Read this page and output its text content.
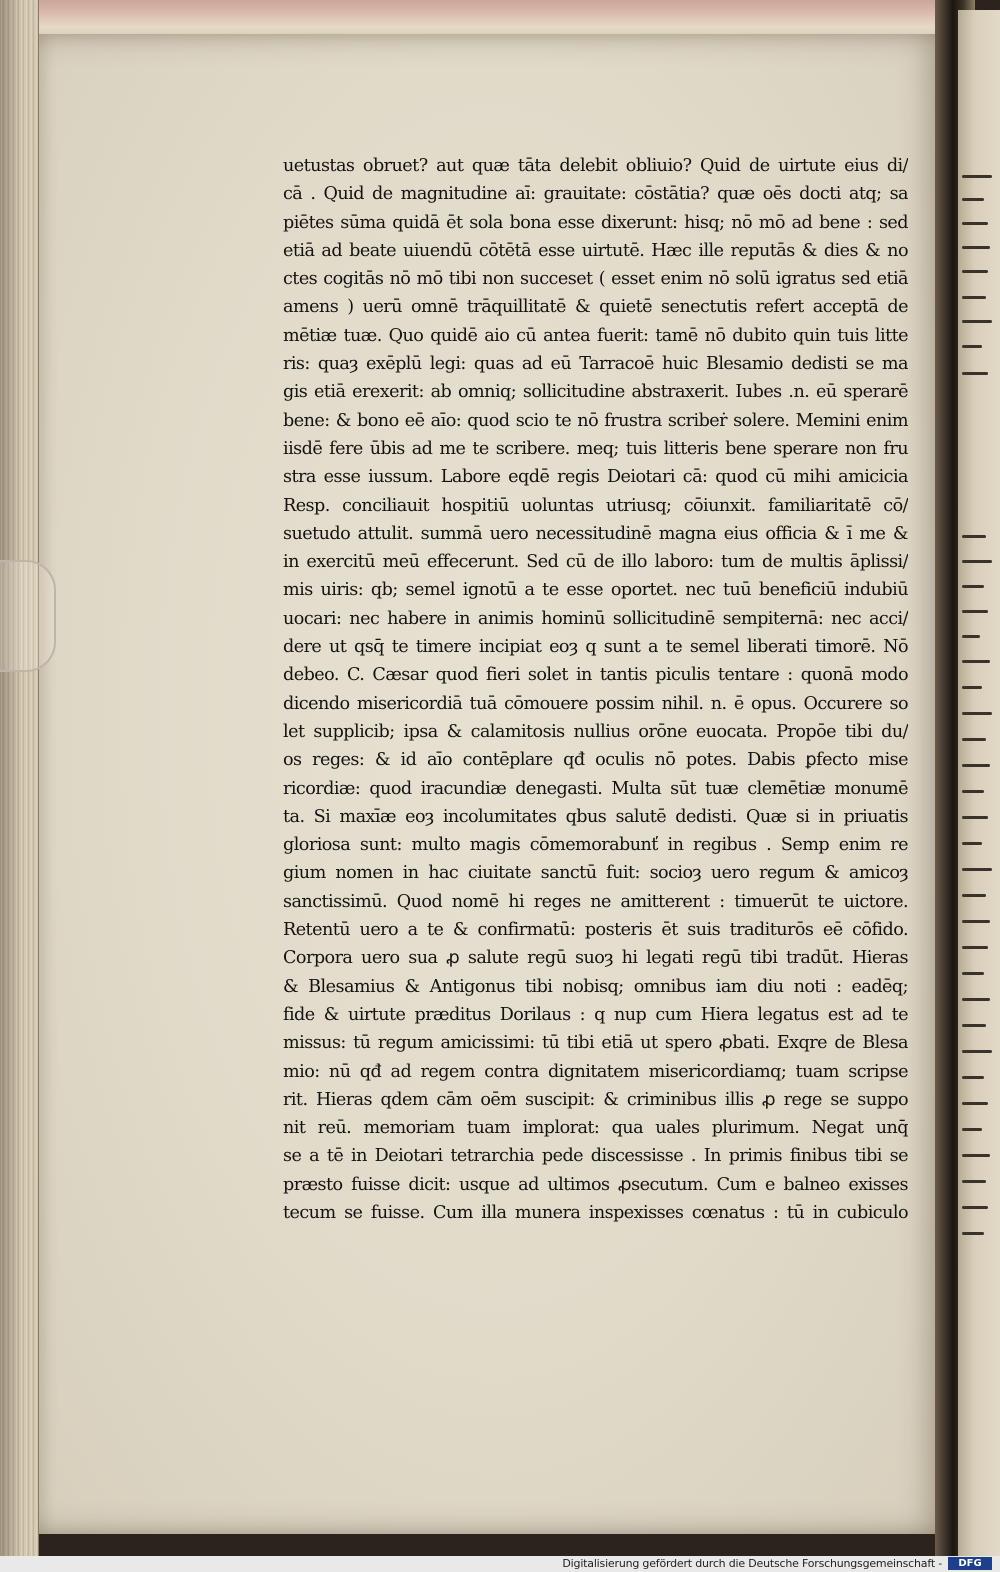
uetustas obruet? aut quæ tāta delebit obliuio? Quid de uirtute eius di/
cā . Quid de magnitudine aī: grauitate: cōstātia? quæ oēs docti atq; sa
piētes sūma quidā ēt sola bona esse dixerunt: hisq; nō mō ad bene : sed
etiā ad beate uiuendū cōtētā esse uirtutē. Hæc ille reputās & dies & no
ctes cogitās nō mō tibi non succeset ( esset enim nō solū igratus sed etiā
amens ) uerū omnē trāquillitatē & quietē senectutis refert acceptā de
mētiæ tuæ. Quo quidē aio cū antea fuerit: tamē nō dubito quin tuis litte
ris: quaȝ exēplū legi: quas ad eū Tarracoē huic Blesamio dedisti se ma
gis etiā erexerit: ab omniq; sollicitudine abstraxerit. Iubes .n. eū sperarē
bene: & bono eē aīo: quod scio te nō frustra scribeṙ solere. Memini enim
iisdē fere ūbis ad me te scribere. meq; tuis litteris bene sperare non fru
stra esse iussum. Labore eqdē regis Deiotari cā: quod cū mihi amicicia
Resp. conciliauit hospitiū uoluntas utriusq; cōiunxit. familiaritatē cō/
suetudo attulit. summā uero necessitudinē magna eius officia & ī me &
in exercitū meū effecerunt. Sed cū de illo laboro: tum de multis āplissi/
mis uiris: qb; semel ignotū a te esse oportet. nec tuū beneficiū indubiū
uocari: nec habere in animis hominū sollicitudinē sempiternā: nec acci/
dere ut qsq̄ te timere incipiat eoȝ q sunt a te semel liberati timorē. Nō
debeo. C. Cæsar quod fieri solet in tantis piculis tentare : quonā modo
dicendo misericordiā tuā cōmouere possim nihil. n. ē opus. Occurere so
let supplicib; ipsa & calamitosis nullius orōne euocata. Propōe tibi du/
os reges: & id aīo contēplare qđ oculis nō potes. Dabis ꝑfecto mise
ricordiæ: quod iracundiæ denegasti. Multa sūt tuæ clemētiæ monumē
ta. Si maxīæ eoȝ incolumitates qbus salutē dedisti. Quæ si in priuatis
gloriosa sunt: multo magis cōmemorabunť in regibus . Semp enim re
gium nomen in hac ciuitate sanctū fuit: socioȝ uero regum & amicoȝ
sanctissimū. Quod nomē hi reges ne amitterent : timuerūt te uictore.
Retentū uero a te & confirmatū: posteris ēt suis traditurōs eē cōfido.
Corpora uero sua ꝓ salute regū suoȝ hi legati regū tibi tradūt. Hieras
& Blesamius & Antigonus tibi nobisq; omnibus iam diu noti : eadēq;
fide & uirtute præditus Dorilaus : q nup cum Hiera legatus est ad te
missus: tū regum amicissimi: tū tibi etiā ut spero ꝓbati. Exqre de Blesa
mio: nū qđ ad regem contra dignitatem misericordiamq; tuam scripse
rit. Hieras qdem cām oēm suscipit: & criminibus illis ꝓ rege se suppo
nit reū. memoriam tuam implorat: qua uales plurimum. Negat unq̄
se a tē in Deiotari tetrarchia pede discessisse . In primis finibus tibi se
præsto fuisse dicit: usque ad ultimos ꝓsecutum. Cum e balneo exisses
tecum se fuisse. Cum illa munera inspexisses cœnatus : tū in cubiculo
Digitalisierung gefördert durch die Deutsche Forschungsgemeinschaft -	DFG
